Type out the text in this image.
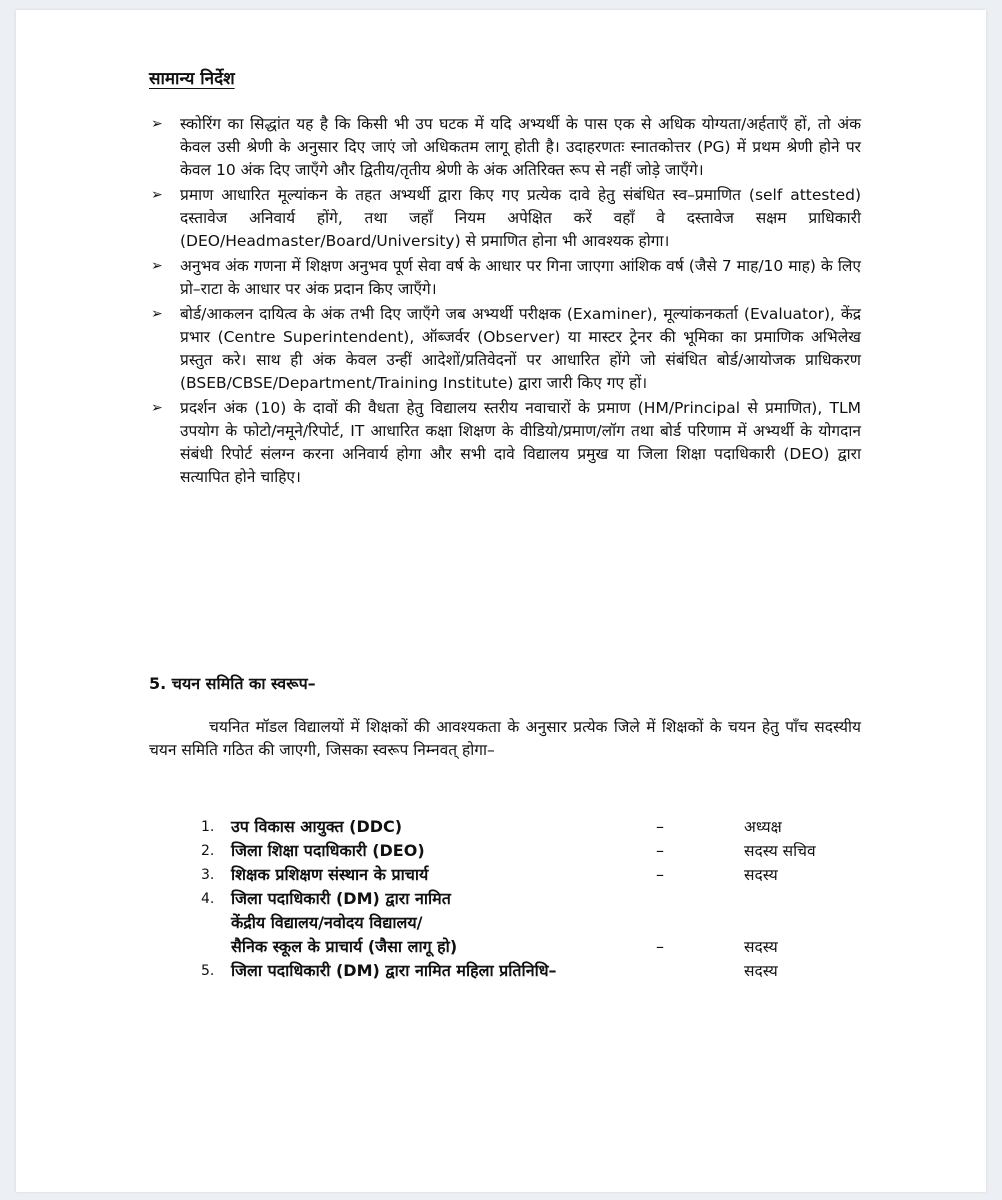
सामान्य निर्देश
➢ स्कोरिंग का सिद्धांत यह है कि किसी भी उप घटक में यदि अभ्यर्थी के पास एक से अधिक योग्यता/अर्हताएँ हों, तो अंक केवल उसी श्रेणी के अनुसार दिए जाएं जो अधिकतम लागू होती है। उदाहरणतः स्नातकोत्तर (PG) में प्रथम श्रेणी होने पर केवल 10 अंक दिए जाएँगे और द्वितीय/तृतीय श्रेणी के अंक अतिरिक्त रूप से नहीं जोड़े जाएँगे।
➢ प्रमाण आधारित मूल्यांकन के तहत अभ्यर्थी द्वारा किए गए प्रत्येक दावे हेतु संबंधित स्व–प्रमाणित (self attested) दस्तावेज अनिवार्य होंगे, तथा जहाँ नियम अपेक्षित करें वहाँ वे दस्तावेज सक्षम प्राधिकारी (DEO/Headmaster/Board/University) से प्रमाणित होना भी आवश्यक होगा।
➢ अनुभव अंक गणना में शिक्षण अनुभव पूर्ण सेवा वर्ष के आधार पर गिना जाएगा आंशिक वर्ष (जैसे 7 माह/10 माह) के लिए प्रो–राटा के आधार पर अंक प्रदान किए जाएँगे।
➢ बोर्ड/आकलन दायित्व के अंक तभी दिए जाएँगे जब अभ्यर्थी परीक्षक (Examiner), मूल्यांकनकर्ता (Evaluator), केंद्र प्रभार (Centre Superintendent), ऑब्जर्वर (Observer) या मास्टर ट्रेनर की भूमिका का प्रमाणिक अभिलेख प्रस्तुत करे। साथ ही अंक केवल उन्हीं आदेशों/प्रतिवेदनों पर आधारित होंगे जो संबंधित बोर्ड/आयोजक प्राधिकरण (BSEB/CBSE/Department/Training Institute) द्वारा जारी किए गए हों।
➢ प्रदर्शन अंक (10) के दावों की वैधता हेतु विद्यालय स्तरीय नवाचारों के प्रमाण (HM/Principal से प्रमाणित), TLM उपयोग के फोटो/नमूने/रिपोर्ट, IT आधारित कक्षा शिक्षण के वीडियो/प्रमाण/लॉग तथा बोर्ड परिणाम में अभ्यर्थी के योगदान संबंधी रिपोर्ट संलग्न करना अनिवार्य होगा और सभी दावे विद्यालय प्रमुख या जिला शिक्षा पदाधिकारी (DEO) द्वारा सत्यापित होने चाहिए।
5. चयन समिति का स्वरूप–

चयनित मॉडल विद्यालयों में शिक्षकों की आवश्यकता के अनुसार प्रत्येक जिले में शिक्षकों के चयन हेतु पाँच सदस्यीय चयन समिति गठित की जाएगी, जिसका स्वरूप निम्नवत् होगा–

1.	उप विकास आयुक्त (DDC)	–	अध्यक्ष
2.	जिला शिक्षा पदाधिकारी (DEO)	–	सदस्य सचिव
3.	शिक्षक प्रशिक्षण संस्थान के प्राचार्य	–	सदस्य
4.	जिला पदाधिकारी (DM) द्वारा नामित
केंद्रीय विद्यालय/नवोदय विद्यालय/
सैनिक स्कूल के प्राचार्य (जैसा लागू हो)	–	सदस्य
5.	जिला पदाधिकारी (DM) द्वारा नामित महिला प्रतिनिधि–	सदस्य
